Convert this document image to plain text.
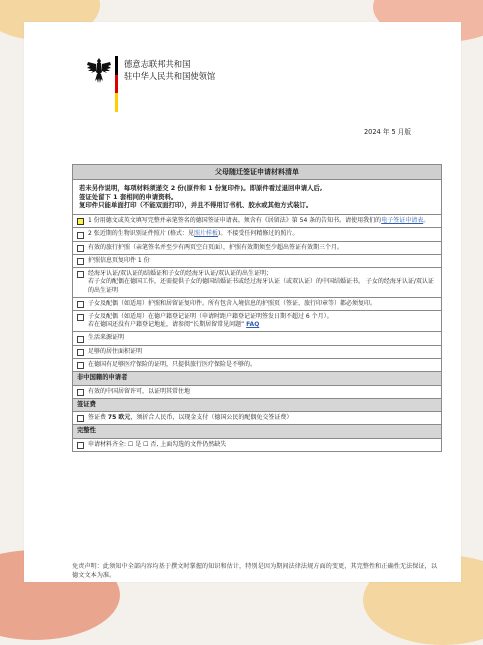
德意志联邦共和国
驻中华人民共和国使领馆
2024 年 5 月版
父母随迁签证申请材料清单
若未另作说明，每项材料须递交 2 份(原件和 1 份复印件)。即原件看过退回申请人后,
签证处留下 1 套相同的申请资料。
复印件只能单面打印（不能双面打印），并且不得用订书机、胶水或其他方式装订。
1 份用德文或英文填写完整并亲笔签名的德国签证申请表。须含有《居留法》第 54 条的告知书。请使用我们的电子签证申请表。
2 张近期的生物识别证件照片 (格式：见照片样板)。不接受任何精修过的照片。
有效的旅行护照（亲笔签名并至少有两页空白页面），护照有效期须至少超出签证有效期三个月。
护照信息页复印件 1 份
经海牙认证/双认证的结婚证和子女的经海牙认证/双认证的出生证明；
若子女的配偶在德国工作，还需提供子女的德国结婚证书或经过海牙认证（或双认证）的中国结婚证书。 子女的经海牙认证/双认证的出生证明
子女及配偶（如适用）护照和居留证复印件。所有包含入境信息的护照页（签证、旅行印章等）都必须复印。
子女及配偶（如适用）在德户籍登记证明（申请时距户籍登记证明签发日期不超过 6 个月）。
若在德国还没有户籍登记地址，请参阅“长期居留常见问题” FAQ
生活来源证明
足够的居住面积证明
在德国有足够医疗保险的证明，只提供旅行医疗保险是不够的。
非中国籍的申请者
有效的中国居留许可，以证明其常住地
签证费
签证费 75 欧元，须折合人民币，以现金支付（德国公民的配偶免交签证费）
完整性
申请材料齐全: ☐ 是 ☐ 否, 上面勾选的文件仍然缺失
免责声明：此须知中全部内容均基于撰文时掌握的知识和估计，特别是因为期间法律法规方面的变更，其完整性和正确性无法保证，以德文文本为准。
